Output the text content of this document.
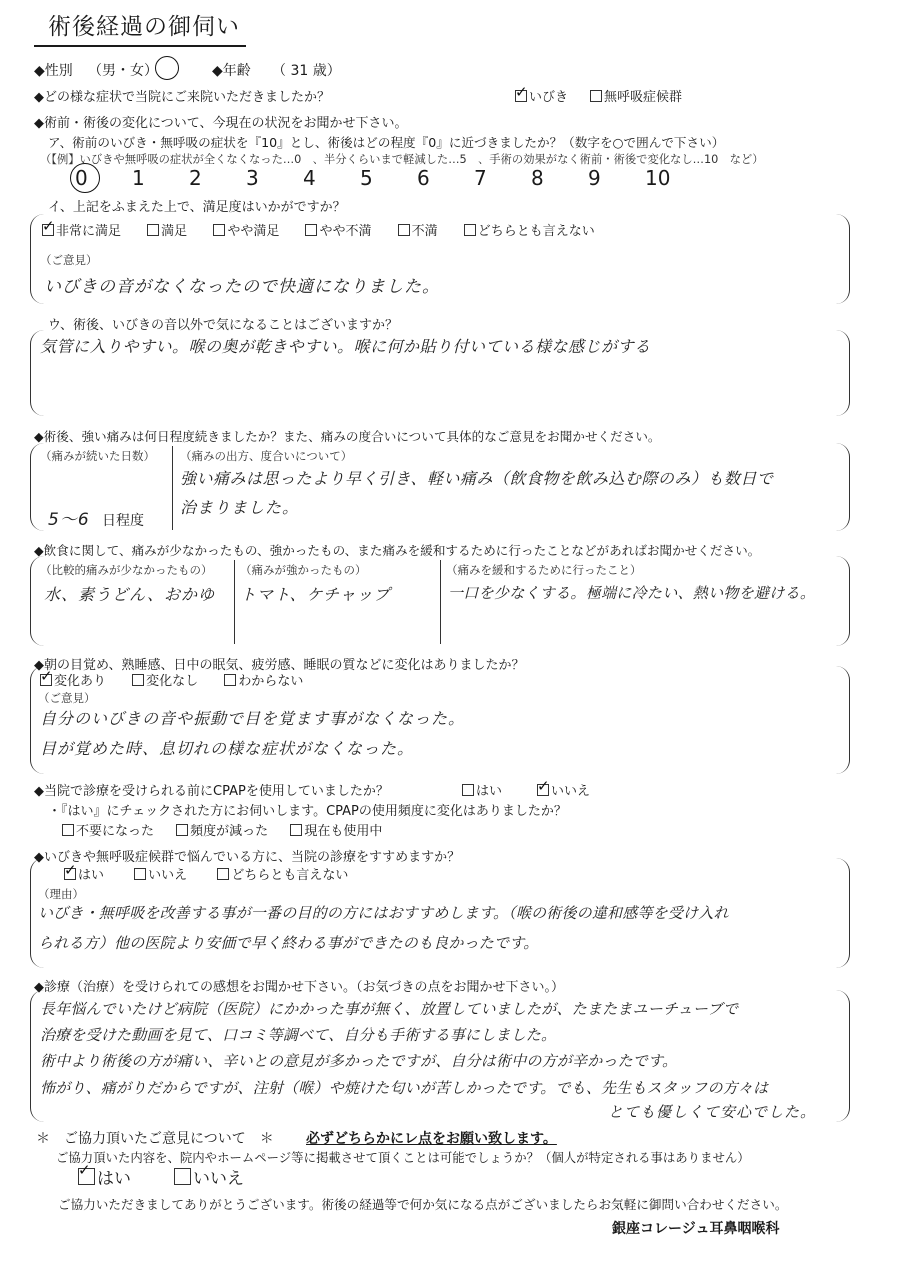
術後経過の御伺い
◆性別 （男・女）	◆年齢 （ 31 歳）
◆どの様な症状で当院にご来院いただきましたか？ ✓	いびき	無呼吸症候群
◆術前・術後の変化について、今現在の状況をお聞かせ下さい。
ア、術前のいびき・無呼吸の症状を『10』とし、術後はどの程度『0』に近づきましたか？（数字を○で囲んで下さい）
（【例】いびきや無呼吸の症状が全くなくなった…0　、半分くらいまで軽減した…5　、手術の効果がなく術前・術後で変化なし…10　など）
0 1 2 3 4 5 6 7 8 9 10
イ、上記をふまえた上で、満足度はいかがですか？
✓非常に満足	満足	やや満足	やや不満	不満	どちらとも言えない
（ご意見）
いびきの音がなくなったので快適になりました。
ウ、術後、いびきの音以外で気になることはございますか？
気管に入りやすい。喉の奥が乾きやすい。喉に何か貼り付いている様な感じがする
◆術後、強い痛みは何日程度続きましたか？また、痛みの度合いについて具体的なご意見をお聞かせください。
（痛みが続いた日数）
5～6 日程度
（痛みの出方、度合いについて）
強い痛みは思ったより早く引き、軽い痛み（飲食物を飲み込む際のみ）も数日で
治まりました。
◆飲食に関して、痛みが少なかったもの、強かったもの、また痛みを緩和するために行ったことなどがあればお聞かせください。
（比較的痛みが少なかったもの）
水、素うどん、おかゆ
（痛みが強かったもの）
トマト、ケチャップ
（痛みを緩和するために行ったこと）
一口を少なくする。極端に冷たい、熱い物を避ける。
◆朝の目覚め、熟睡感、日中の眠気、疲労感、睡眠の質などに変化はありましたか？
✓変化あり	変化なし	わからない
（ご意見）
自分のいびきの音や振動で目を覚ます事がなくなった。
目が覚めた時、息切れの様な症状がなくなった。
◆当院で診療を受けられる前にCPAPを使用していましたか？	はい ✓	いいえ
・『はい』にチェックされた方にお伺いします。CPAPの使用頻度に変化はありましたか？
不要になった	頻度が減った	現在も使用中
◆いびきや無呼吸症候群で悩んでいる方に、当院の診療をすすめますか？
✓はい	いいえ	どちらとも言えない
（理由）
いびき・無呼吸を改善する事が一番の目的の方にはおすすめします。（喉の術後の違和感等を受け入れ
られる方）他の医院より安価で早く終わる事ができたのも良かったです。
◆診療（治療）を受けられての感想をお聞かせ下さい。（お気づきの点をお聞かせ下さい。）
長年悩んでいたけど病院（医院）にかかった事が無く、放置していましたが、たまたまユーチューブで
治療を受けた動画を見て、口コミ等調べて、自分も手術する事にしました。
術中より術後の方が痛い、辛いとの意見が多かったですが、自分は術中の方が辛かったです。
怖がり、痛がりだからですが、注射（喉）や焼けた匂いが苦しかったです。でも、先生もスタッフの方々は
とても優しくて安心でした。
＊　ご協力頂いたご意見について　＊ 必ずどちらかにレ点をお願い致します。
ご協力頂いた内容を、院内やホームページ等に掲載させて頂くことは可能でしょうか？（個人が特定される事はありません）
✓はい	いいえ
ご協力いただきましてありがとうございます。術後の経過等で何か気になる点がございましたらお気軽に御問い合わせください。
銀座コレージュ耳鼻咽喉科
